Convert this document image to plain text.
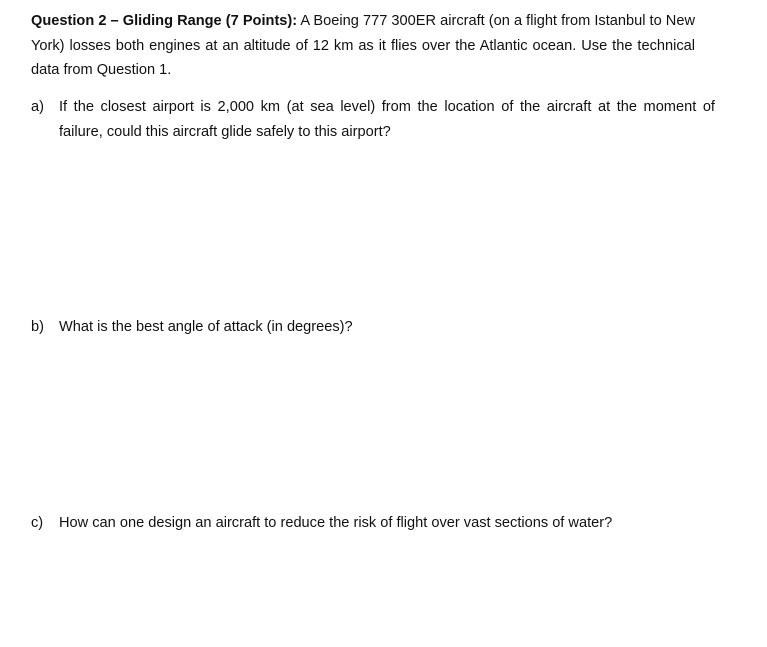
Question 2 – Gliding Range (7 Points): A Boeing 777 300ER aircraft (on a flight from Istanbul to New York) losses both engines at an altitude of 12 km as it flies over the Atlantic ocean. Use the technical data from Question 1.

a)	If the closest airport is 2,000 km (at sea level) from the location of the aircraft at the moment of failure, could this aircraft glide safely to this airport?
b)	What is the best angle of attack (in degrees)?
c)	How can one design an aircraft to reduce the risk of flight over vast sections of water?
